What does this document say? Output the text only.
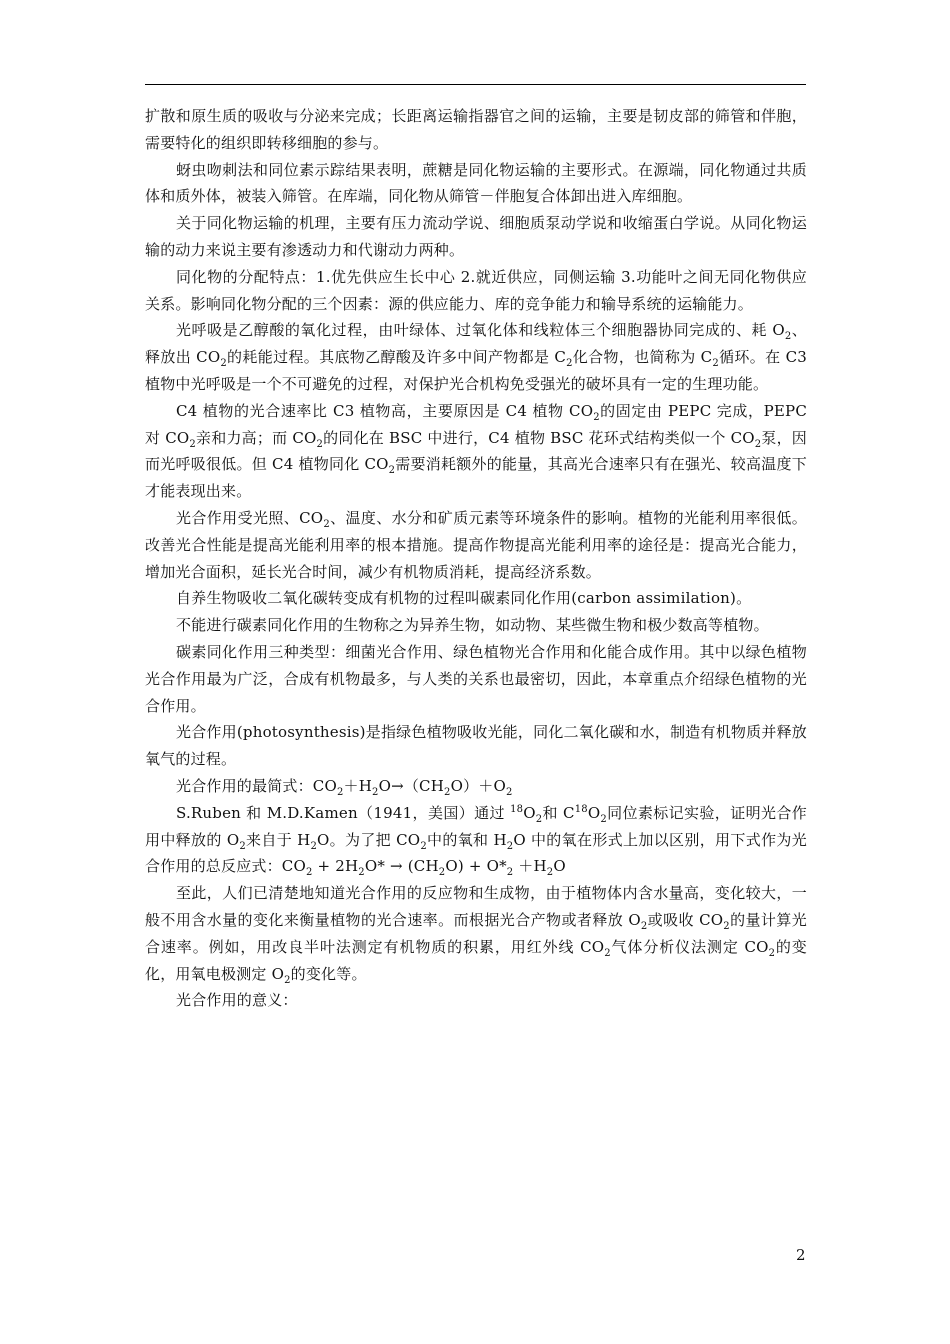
扩散和原生质的吸收与分泌来完成；长距离运输指器官之间的运输，主要是韧皮部的筛管和伴胞，需要特化的组织即转移细胞的参与。

蚜虫吻刺法和同位素示踪结果表明，蔗糖是同化物运输的主要形式。在源端，同化物通过共质体和质外体，被装入筛管。在库端，同化物从筛管－伴胞复合体卸出进入库细胞。

关于同化物运输的机理，主要有压力流动学说、细胞质泵动学说和收缩蛋白学说。从同化物运输的动力来说主要有渗透动力和代谢动力两种。

同化物的分配特点：1.优先供应生长中心 2.就近供应，同侧运输 3.功能叶之间无同化物供应关系。影响同化物分配的三个因素：源的供应能力、库的竞争能力和输导系统的运输能力。

光呼吸是乙醇酸的氧化过程，由叶绿体、过氧化体和线粒体三个细胞器协同完成的、耗 $O_2$、释放出 $CO_2$的耗能过程。其底物乙醇酸及许多中间产物都是 $C_2$化合物，也简称为 $C_2$循环。在 C3 植物中光呼吸是一个不可避免的过程，对保护光合机构免受强光的破坏具有一定的生理功能。

C4 植物的光合速率比 C3 植物高，主要原因是 C4 植物 $CO_2$的固定由 PEPC 完成，PEPC 对 $CO_2$亲和力高；而 $CO_2$的同化在 BSC 中进行，C4 植物 BSC 花环式结构类似一个 $CO_2$泵，因而光呼吸很低。但 C4 植物同化 $CO_2$需要消耗额外的能量，其高光合速率只有在强光、较高温度下才能表现出来。

光合作用受光照、$CO_2$、温度、水分和矿质元素等环境条件的影响。植物的光能利用率很低。改善光合性能是提高光能利用率的根本措施。提高作物提高光能利用率的途径是：提高光合能力，增加光合面积，延长光合时间，减少有机物质消耗，提高经济系数。

自养生物吸收二氧化碳转变成有机物的过程叫碳素同化作用(carbon assimilation)。

不能进行碳素同化作用的生物称之为异养生物，如动物、某些微生物和极少数高等植物。

碳素同化作用三种类型：细菌光合作用、绿色植物光合作用和化能合成作用。其中以绿色植物光合作用最为广泛，合成有机物最多，与人类的关系也最密切，因此，本章重点介绍绿色植物的光合作用。

光合作用(photosynthesis)是指绿色植物吸收光能，同化二氧化碳和水，制造有机物质并释放氧气的过程。

光合作用的最简式：$CO_2+H_2O\to(CH_2O)+O_2$

S.Ruben 和 M.D.Kamen（1941，美国）通过 $^{18}O_2$和 $C^{18}O_2$同位素标记实验，证明光合作用中释放的 $O_2$来自于 $H_2O$。为了把 $CO_2$中的氧和 $H_2O$ 中的氧在形式上加以区别，用下式作为光合作用的总反应式：$CO_2 + 2H_2O* \to (CH_2O) + O*_2 +H_2O$

至此，人们已清楚地知道光合作用的反应物和生成物，由于植物体内含水量高，变化较大，一般不用含水量的变化来衡量植物的光合速率。而根据光合产物或者释放 $O_2$或吸收 $CO_2$的量计算光合速率。例如，用改良半叶法测定有机物质的积累，用红外线 $CO_2$气体分析仪法测定 $CO_2$的变化，用氧电极测定 $O_2$的变化等。

光合作用的意义：

2
